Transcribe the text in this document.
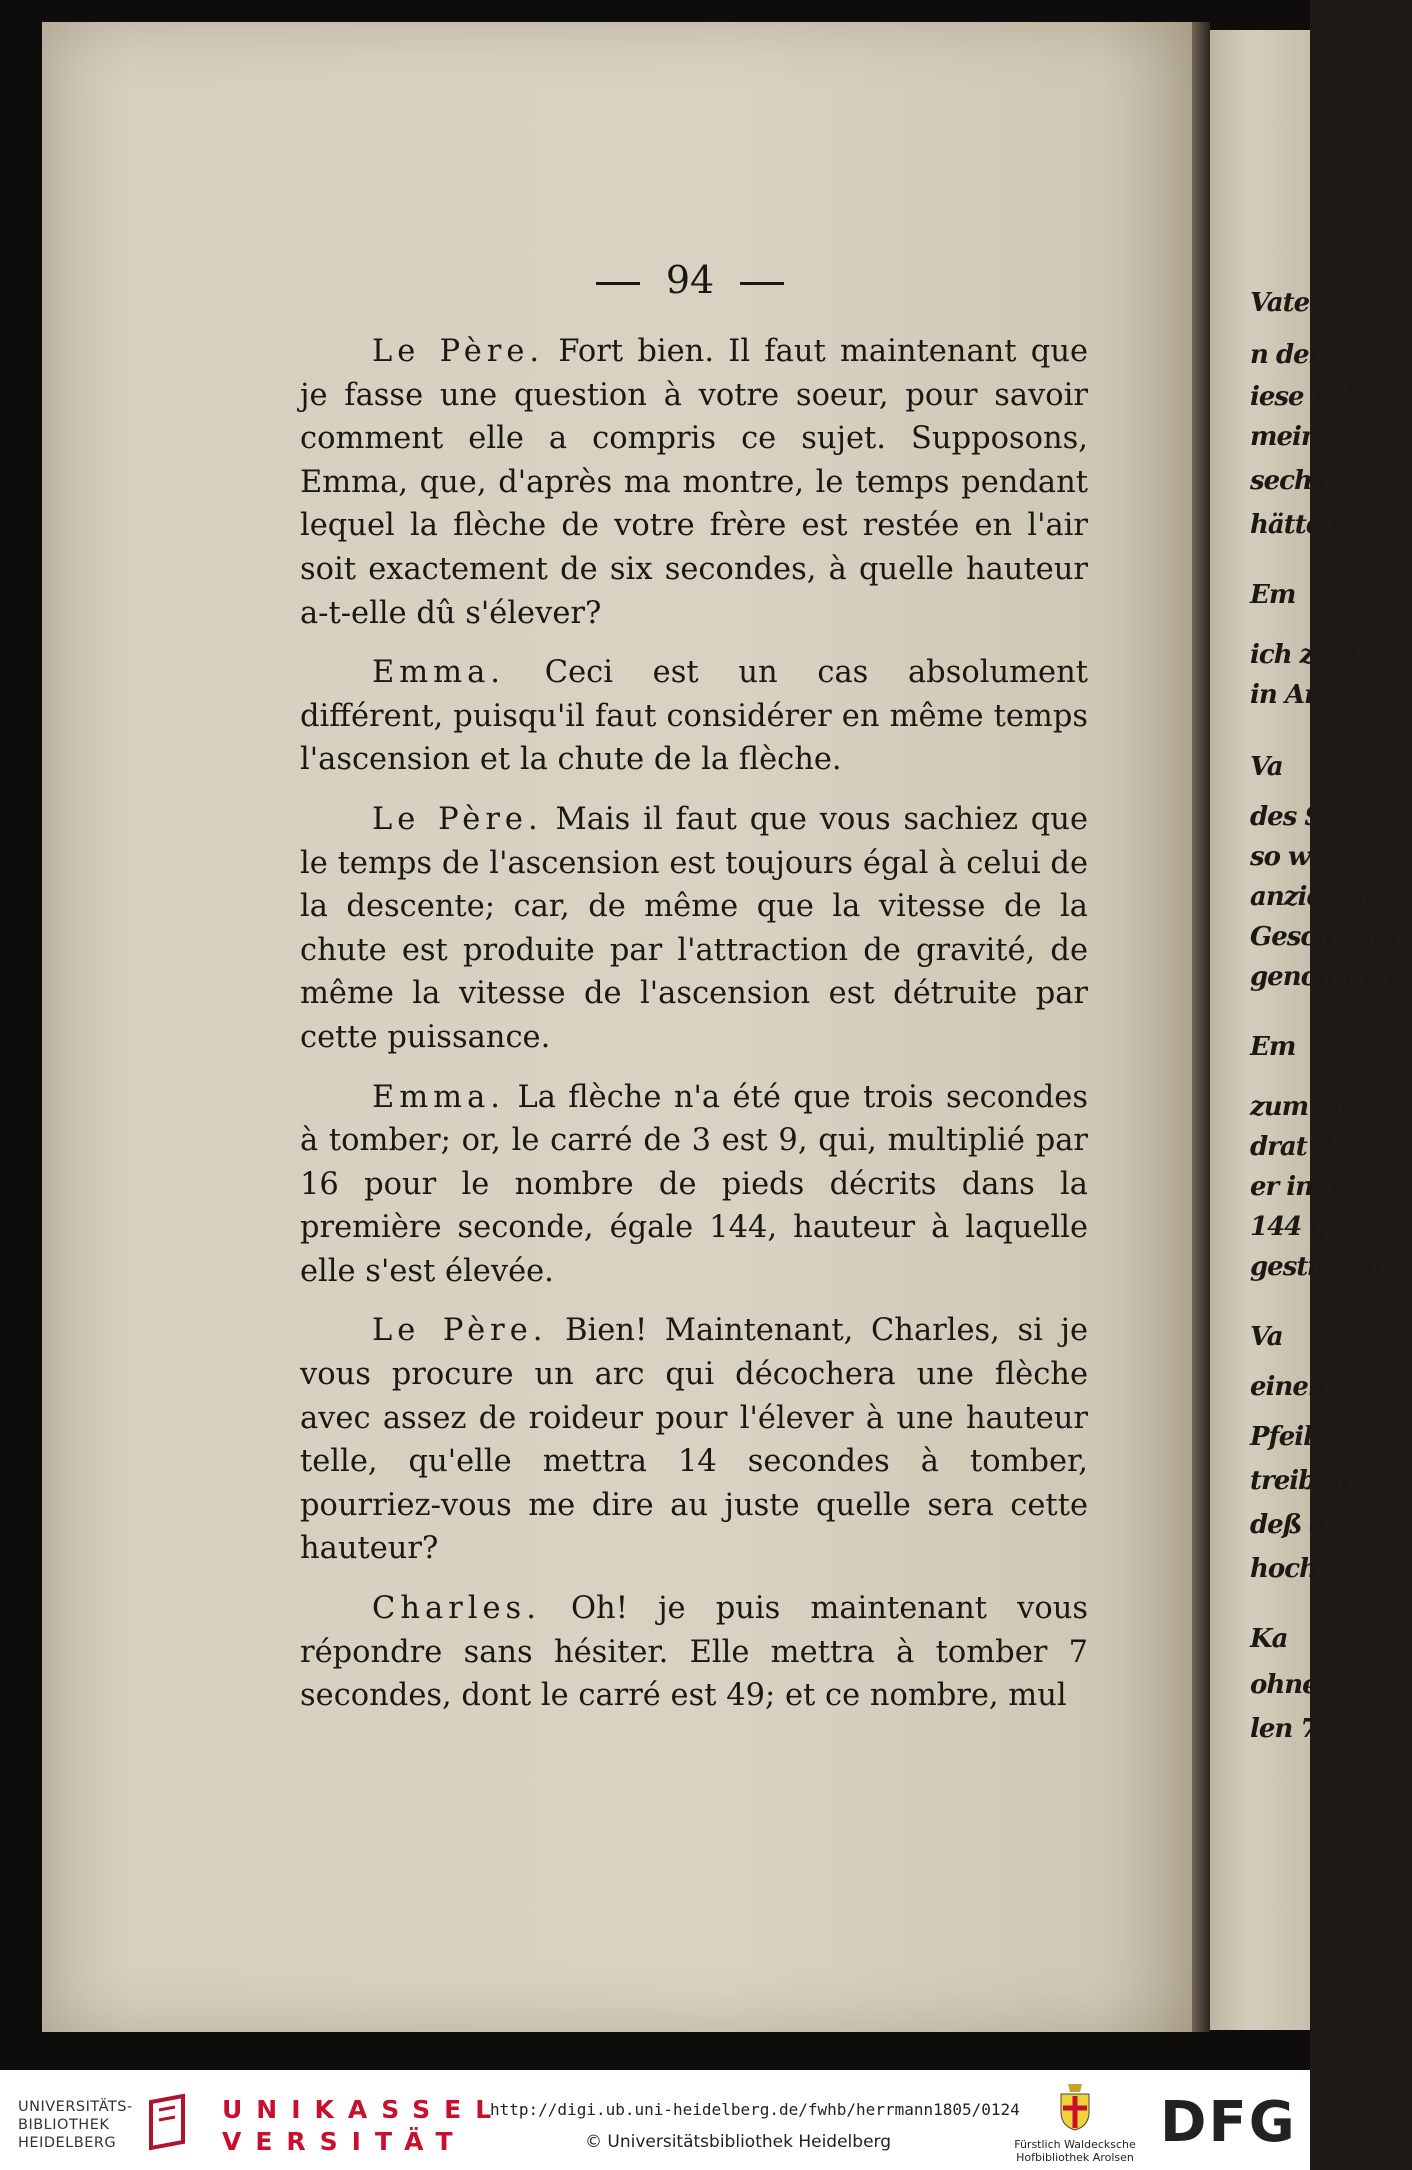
Vate
n deine
iese Lehr
meiner
sechs S
hätte er
Em
ich zugl
in Ans
Va
des Ste
so wie
anziehende
Geschwind
genommen.
Em
zum Fa
drat 9,
er in de
144 gle
gestiegen
Va
einen B
Pfeil
treiben
deß du
hoch
Ka
ohne mi
len 7 Se
94

Le Père. Fort bien. Il faut maintenant que je fasse une question à votre soeur, pour savoir comment elle a compris ce sujet. Supposons, Emma, que, d'après ma montre, le temps pendant lequel la flèche de votre frère est restée en l'air soit exactement de six secondes, à quelle hauteur a-t-elle dû s'élever?

Emma. Ceci est un cas absolument différent, puisqu'il faut considérer en même temps l'ascension et la chute de la flèche.

Le Père. Mais il faut que vous sachiez que le temps de l'ascension est toujours égal à celui de la descente; car, de même que la vitesse de la chute est produite par l'attraction de gravité, de même la vitesse de l'ascension est détruite par cette puissance.

Emma. La flèche n'a été que trois secondes à tomber; or, le carré de 3 est 9, qui, multiplié par 16 pour le nombre de pieds décrits dans la première seconde, égale 144, hauteur à laquelle elle s'est élevée.

Le Père. Bien! Maintenant, Charles, si je vous procure un arc qui décochera une flèche avec assez de roideur pour l'élever à une hauteur telle, qu'elle mettra 14 secondes à tomber, pourriez-vous me dire au juste quelle sera cette hauteur?

Charles. Oh! je puis maintenant vous répondre sans hésiter. Elle mettra à tomber 7 secondes, dont le carré est 49; et ce nombre, mul

UNIVERSITÄTS-
BIBLIOTHEK
HEIDELBERG
UNIKASSEL
VERSITÄT
http://digi.ub.uni-heidelberg.de/fwhb/herrmann1805/0124
© Universitätsbibliothek Heidelberg	Fürstlich Waldecksche
Hofbibliothek Arolsen
DFG
